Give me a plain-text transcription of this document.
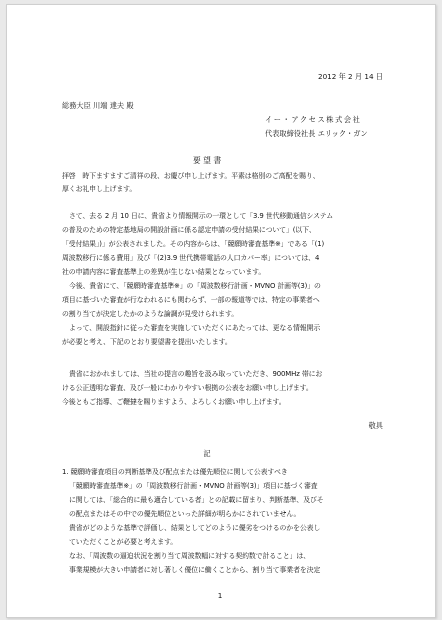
2012 年 2 月 14 日
総務大臣 川端 達夫 殿
イー・アクセス株式会社
代表取締役社長 エリック・ガン
要 望 書
拝啓　時下ますますご清祥の段、お慶び申し上げます。平素は格別のご高配を賜り、
厚くお礼申し上げます。
さて、去る 2 月 10 日に、貴省より情報開示の一環として「3.9 世代移動通信システム
の普及のための特定基地局の開設計画に係る認定申請の受付結果について」(以下、
「受付結果」)」が公表されました。その内容からは、「競願時審査基準※」である「(1)
周波数移行に係る費用」及び「(2)3.9 世代携帯電話の人口カバー率」については、4
社の申請内容に審査基準上の差異が生じない結果となっています。
今後、貴省にて、「競願時審査基準※」の「周波数移行計画・MVNO 計画等(3)」の
項目に基づいた審査が行なわれるにも関わらず、一部の報道等では、特定の事業者へ
の割り当てが決定したかのような論調が見受けられます。
よって、開設指針に従った審査を実施していただくにあたっては、更なる情報開示
が必要と考え、下記のとおり要望書を提出いたします。
貴省におかれましては、当社の提言の趣旨を汲み取っていただき、900MHz 帯にお
ける公正透明な審査、及び一般にわかりやすい根拠の公表をお願い申し上げます。
今後ともご指導、ご鞭撻を賜りますよう、よろしくお願い申し上げます。
敬具
記
1. 競願時審査項目の判断基準及び配点または優先順位に関して公表すべき
「競願時審査基準※」の「周波数移行計画・MVNO 計画等(3)」項目に基づく審査
に関しては、「総合的に最も適合している者」との記載に留まり、判断基準、及びそ
の配点またはその中での優先順位といった詳細が明らかにされていません。
貴省がどのような基準で評価し、結果としてどのように優劣をつけるのかを公表し
ていただくことが必要と考えます。
なお、「周波数の逼迫状況を割り当て周波数幅に対する契約数で計ること」は、
事業規模が大きい申請者に対し著しく優位に働くことから、割り当て事業者を決定
1
